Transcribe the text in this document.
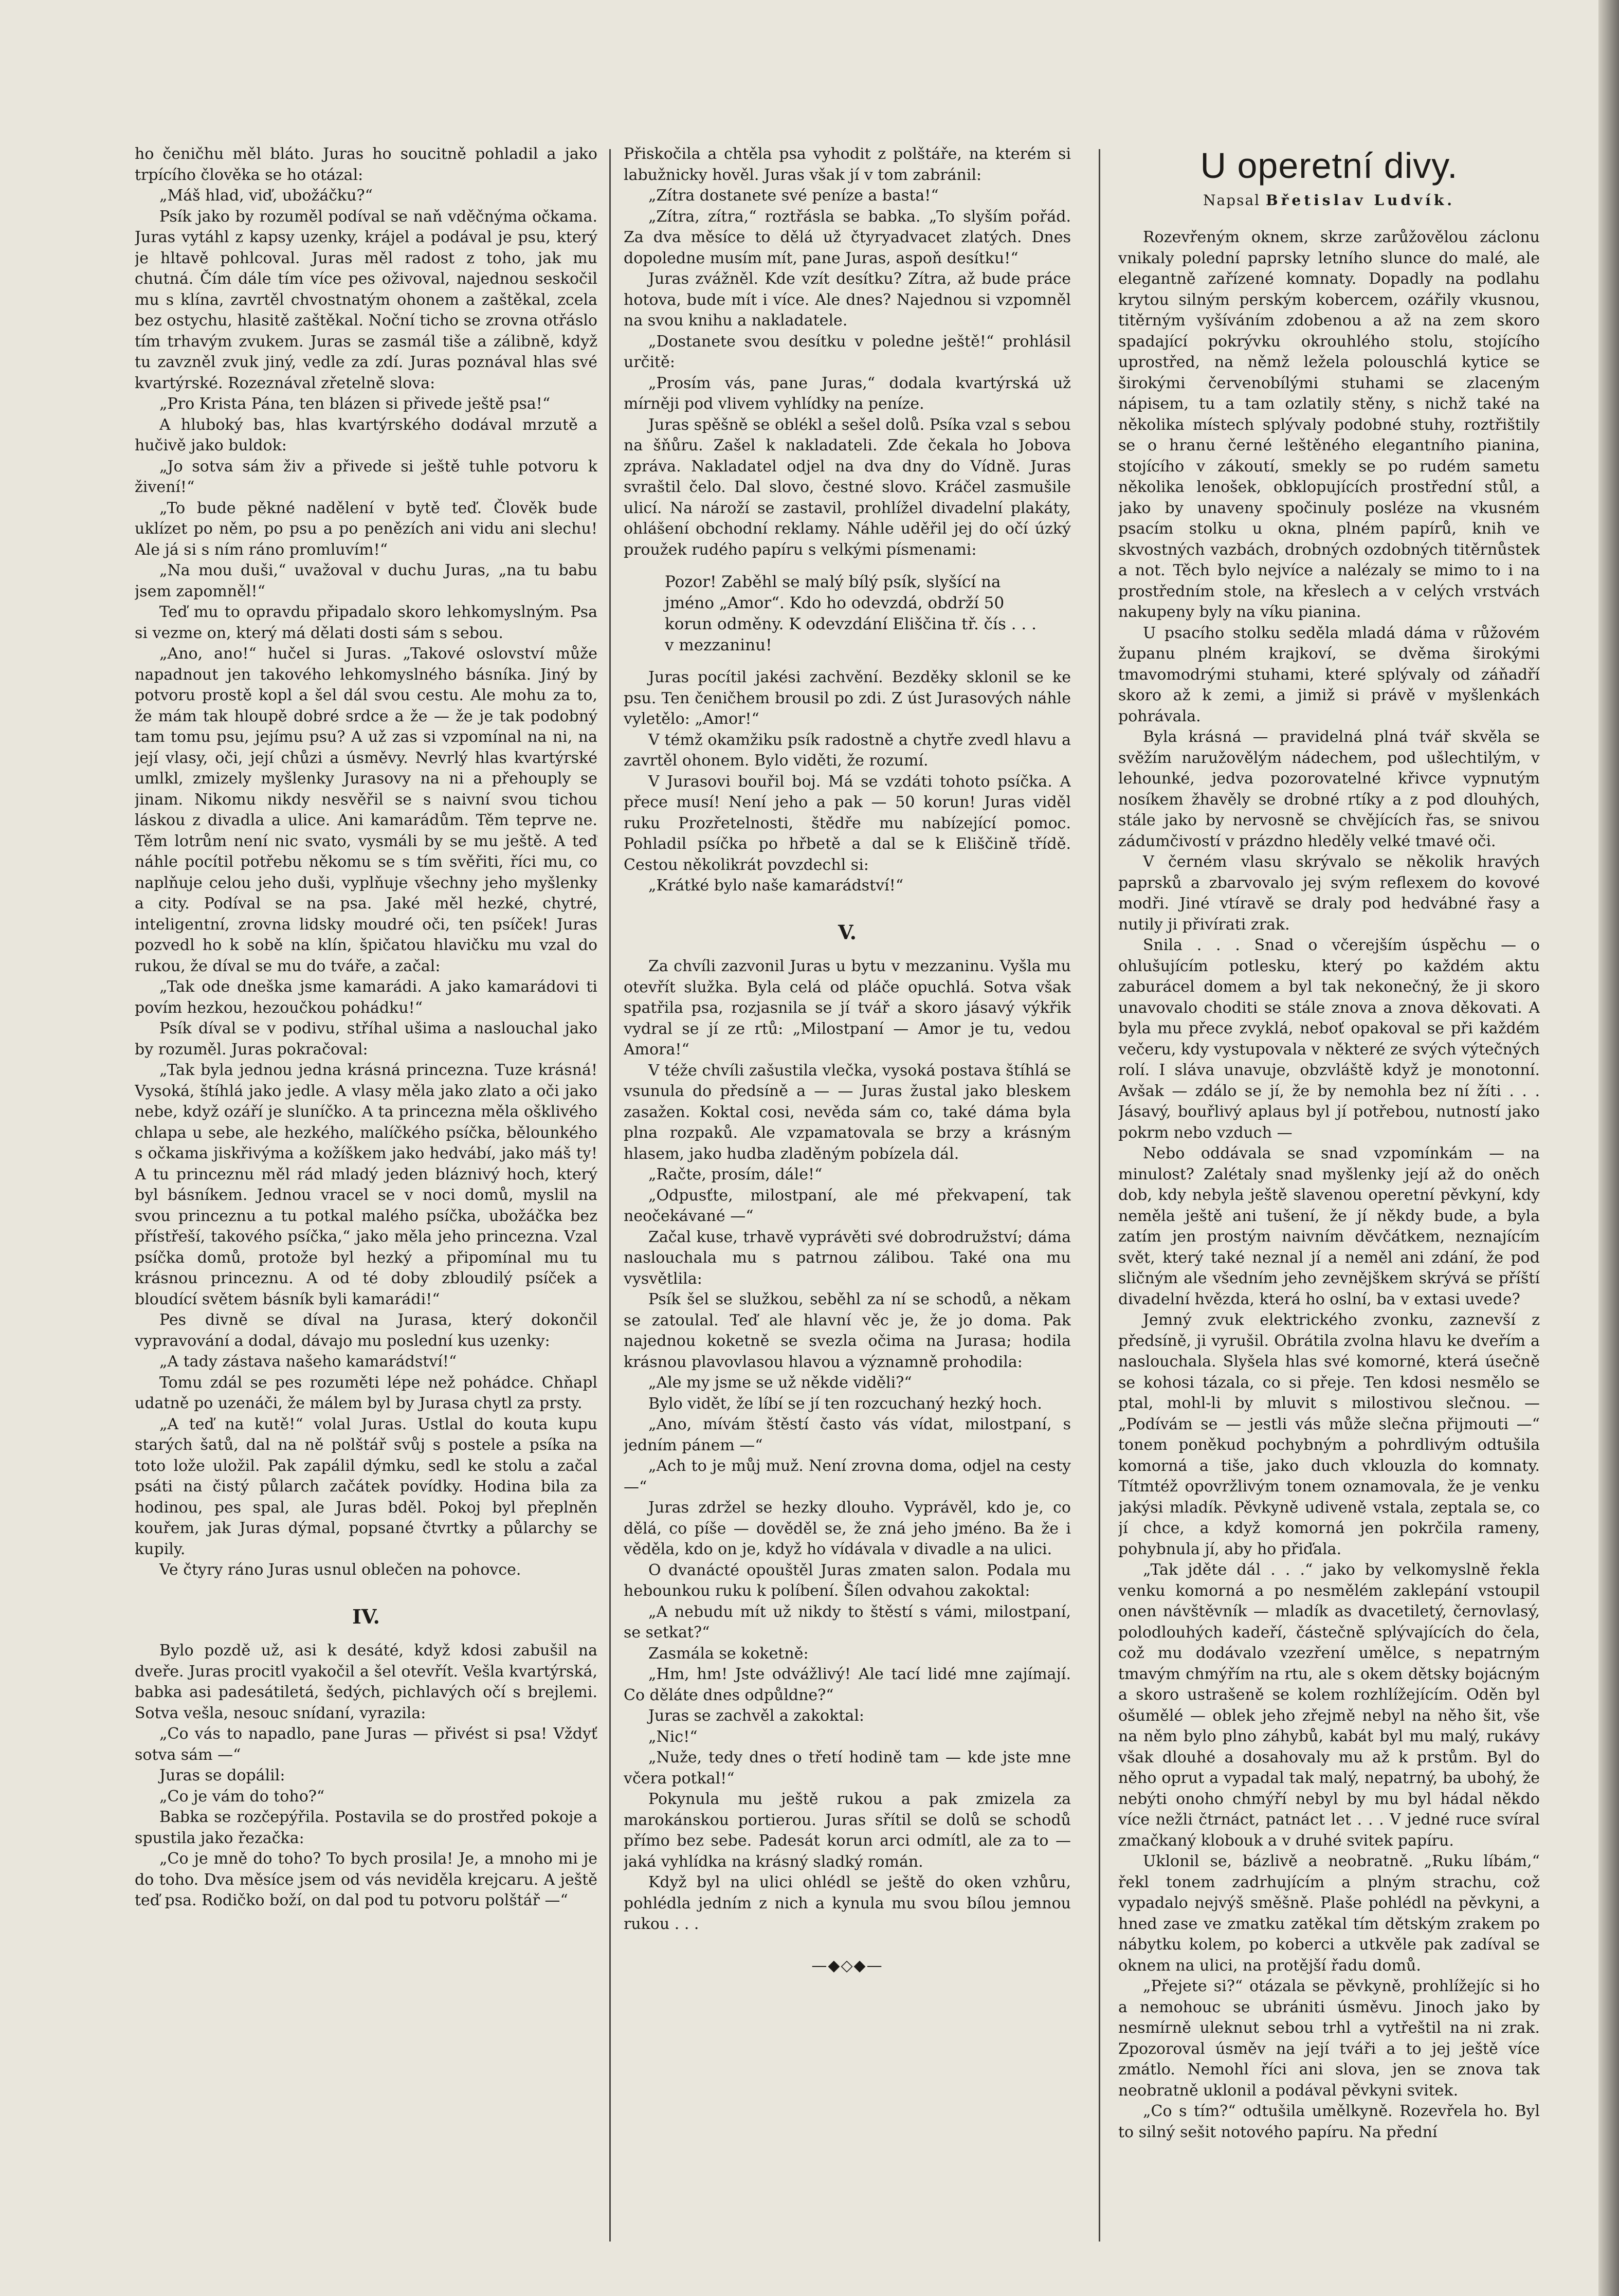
ho čeničhu měl bláto. Juras ho soucitně pohladil a jako trpícího člověka se ho otázal:

„Máš hlad, viď, ubožáčku?“

Psík jako by rozuměl podíval se naň vděčnýma očkama. Juras vytáhl z kapsy uzenky, krájel a podával je psu, který je hltavě pohlcoval. Juras měl radost z toho, jak mu chutná. Čím dále tím více pes oživoval, najednou seskočil mu s klína, zavrtěl chvostnatým ohonem a zaštěkal, zcela bez ostychu, hlasitě zaštěkal. Noční ticho se zrovna otřáslo tím trhavým zvukem. Juras se zasmál tiše a zálibně, když tu zavzněl zvuk jiný, vedle za zdí. Juras poznával hlas své kvartýrské. Rozeznával zřetelně slova:

„Pro Krista Pána, ten blázen si přivede ještě psa!“

A hluboký bas, hlas kvartýrského dodával mrzutě a hučivě jako buldok:

„Jo sotva sám živ a přivede si ještě tuhle potvoru k živení!“

„To bude pěkné nadělení v bytě teď. Člověk bude uklízet po něm, po psu a po penězích ani vidu ani slechu! Ale já si s ním ráno promluvím!“

„Na mou duši,“ uvažoval v duchu Juras, „na tu babu jsem zapomněl!“

Teď mu to opravdu připadalo skoro lehkomyslným. Psa si vezme on, který má dělati dosti sám s sebou.

„Ano, ano!“ hučel si Juras. „Takové oslovství může napadnout jen takového lehkomyslného básníka. Jiný by potvoru prostě kopl a šel dál svou cestu. Ale mohu za to, že mám tak hloupě dobré srdce a že — že je tak podobný tam tomu psu, jejímu psu? A už zas si vzpomínal na ni, na její vlasy, oči, její chůzi a úsměvy. Nevrlý hlas kvartýrské umlkl, zmizely myšlenky Jurasovy na ni a přehouply se jinam. Nikomu nikdy nesvěřil se s naivní svou tichou láskou z divadla a ulice. Ani kamarádům. Těm teprve ne. Těm lotrům není nic svato, vysmáli by se mu ještě. A teď náhle pocítil potřebu někomu se s tím svěřiti, říci mu, co naplňuje celou jeho duši, vyplňuje všechny jeho myšlenky a city. Podíval se na psa. Jaké měl hezké, chytré, inteligentní, zrovna lidsky moudré oči, ten psíček! Juras pozvedl ho k sobě na klín, špičatou hlavičku mu vzal do rukou, že díval se mu do tváře, a začal:

„Tak ode dneška jsme kamarádi. A jako kamarádovi ti povím hezkou, hezoučkou pohádku!“

Psík díval se v podivu, stříhal ušima a naslouchal jako by rozuměl. Juras pokračoval:

„Tak byla jednou jedna krásná princezna. Tuze krásná! Vysoká, štíhlá jako jedle. A vlasy měla jako zlato a oči jako nebe, když ozáří je sluníčko. A ta princezna měla ošklivého chlapa u sebe, ale hezkého, malíčkého psíčka, bělounkého s očkama jiskřivýma a kožíškem jako hedvábí, jako máš ty! A tu princeznu měl rád mladý jeden bláznivý hoch, který byl básníkem. Jednou vracel se v noci domů, myslil na svou princeznu a tu potkal malého psíčka, ubožáčka bez přístřeší, takového psíčka,“ jako měla jeho princezna. Vzal psíčka domů, protože byl hezký a připomínal mu tu krásnou princeznu. A od té doby zbloudilý psíček a bloudící světem básník byli kamarádi!“

Pes divně se díval na Jurasa, který dokončil vypravování a dodal, dávajo mu poslední kus uzenky:

„A tady zástava našeho kamarádství!“

Tomu zdál se pes rozuměti lépe než pohádce. Chňapl udatně po uzenáči, že málem byl by Jurasa chytl za prsty.

„A teď na kutě!“ volal Juras. Ustlal do kouta kupu starých šatů, dal na ně polštář svůj s postele a psíka na toto lože uložil. Pak zapálil dýmku, sedl ke stolu a začal psáti na čistý půlarch začátek povídky. Hodina bila za hodinou, pes spal, ale Juras bděl. Pokoj byl přeplněn kouřem, jak Juras dýmal, popsané čtvrtky a půlarchy se kupily.

Ve čtyry ráno Juras usnul oblečen na pohovce.

IV.

Bylo pozdě už, asi k desáté, když kdosi zabušil na dveře. Juras procitl vyakočil a šel otevřít. Vešla kvartýrská, babka asi padesátiletá, šedých, pichlavých očí s brejlemi. Sotva vešla, nesouc snídaní, vyrazila:

„Co vás to napadlo, pane Juras — přivést si psa! Vždyť sotva sám —“

Juras se dopálil:

„Co je vám do toho?“

Babka se rozčepýřila. Postavila se do prostřed pokoje a spustila jako řezačka:

„Co je mně do toho? To bych prosila! Je, a mnoho mi je do toho. Dva měsíce jsem od vás neviděla krejcaru. A ještě teď psa. Rodičko boží, on dal pod tu potvoru polštář —“

Přiskočila a chtěla psa vyhodit z polštáře, na kterém si labužnicky hověl. Juras však jí v tom zabránil:

„Zítra dostanete své peníze a basta!“

„Zítra, zítra,“ roztřásla se babka. „To slyším pořád. Za dva měsíce to dělá už čtyryadvacet zlatých. Dnes dopoledne musím mít, pane Juras, aspoň desítku!“

Juras zvážněl. Kde vzít desítku? Zítra, až bude práce hotova, bude mít i více. Ale dnes? Najednou si vzpomněl na svou knihu a nakladatele.

„Dostanete svou desítku v poledne ještě!“ prohlásil určitě:

„Prosím vás, pane Juras,“ dodala kvartýrská už mírněji pod vlivem vyhlídky na peníze.

Juras spěšně se oblékl a sešel dolů. Psíka vzal s sebou na šňůru. Zašel k nakladateli. Zde čekala ho Jobova zpráva. Nakladatel odjel na dva dny do Vídně. Juras svraštil čelo. Dal slovo, čestné slovo. Kráčel zasmušile ulicí. Na nároží se zastavil, prohlížel divadelní plakáty, ohlášení obchodní reklamy. Náhle uděřil jej do očí úzký proužek rudého papíru s velkými písmenami:

Pozor! Zaběhl se malý bílý psík, slyšící na jméno „Amor“. Kdo ho odevzdá, obdrží 50 korun odměny. K odevzdání Eliščina tř. čís . . . v mezzaninu!

Juras pocítil jakési zachvění. Bezděky sklonil se ke psu. Ten čeničhem brousil po zdi. Z úst Jurasových náhle vyletělo: „Amor!“

V témž okamžiku psík radostně a chytře zvedl hlavu a zavrtěl ohonem. Bylo viděti, že rozumí.

V Jurasovi bouřil boj. Má se vzdáti tohoto psíčka. A přece musí! Není jeho a pak — 50 korun! Juras viděl ruku Prozřetelnosti, štědře mu nabízející pomoc. Pohladil psíčka po hřbetě a dal se k Eliščině třídě. Cestou několikrát povzdechl si:

„Krátké bylo naše kamarádství!“

V.

Za chvíli zazvonil Juras u bytu v mezzaninu. Vyšla mu otevřít služka. Byla celá od pláče opuchlá. Sotva však spatřila psa, rozjasnila se jí tvář a skoro jásavý výkřik vydral se jí ze rtů: „Milostpaní — Amor je tu, vedou Amora!“

V téže chvíli zašustila vlečka, vysoká postava štíhlá se vsunula do předsíně a — — Juras žustal jako bleskem zasažen. Koktal cosi, nevěda sám co, také dáma byla plna rozpaků. Ale vzpamatovala se brzy a krásným hlasem, jako hudba zladěným pobízela dál.

„Račte, prosím, dále!“

„Odpusťte, milostpaní, ale mé překvapení, tak neočekávané —“

Začal kuse, trhavě vyprávěti své dobrodružství; dáma naslouchala mu s patrnou zálibou. Také ona mu vysvětlila:

Psík šel se služkou, seběhl za ní se schodů, a někam se zatoulal. Teď ale hlavní věc je, že jo doma. Pak najednou koketně se svezla očima na Jurasa; hodila krásnou plavovlasou hlavou a významně prohodila:

„Ale my jsme se už někde viděli?“

Bylo vidět, že líbí se jí ten rozcuchaný hezký hoch.

„Ano, mívám štěstí často vás vídat, milostpaní, s jedním pánem —“

„Ach to je můj muž. Není zrovna doma, odjel na cesty —“

Juras zdržel se hezky dlouho. Vyprávěl, kdo je, co dělá, co píše — dověděl se, že zná jeho jméno. Ba že i věděla, kdo on je, když ho vídávala v divadle a na ulici.

O dvanácté opouštěl Juras zmaten salon. Podala mu hebounkou ruku k políbení. Šílen odvahou zakoktal:

„A nebudu mít už nikdy to štěstí s vámi, milostpaní, se setkat?“

Zasmála se koketně:

„Hm, hm! Jste odvážlivý! Ale tací lidé mne zajímají. Co děláte dnes odpůldne?“

Juras se zachvěl a zakoktal:

„Nic!“

„Nuže, tedy dnes o třetí hodině tam — kde jste mne včera potkal!“

Pokynula mu ještě rukou a pak zmizela za marokánskou portierou. Juras sřítil se dolů se schodů přímo bez sebe. Padesát korun arci odmítl, ale za to — jaká vyhlídka na krásný sladký román.

Když byl na ulici ohlédl se ještě do oken vzhůru, pohlédla jedním z nich a kynula mu svou bílou jemnou rukou . . .

—◆◇◆—
U operetní divy.
Napsal Břetislav Ludvík.

Rozevřeným oknem, skrze zarůžovělou záclonu vnikaly polední paprsky letního slunce do malé, ale elegantně zařízené komnaty. Dopadly na podlahu krytou silným perským kobercem, ozářily vkusnou, titěrným vyšíváním zdobenou a až na zem skoro spadající pokrývku okrouhlého stolu, stojícího uprostřed, na němž ležela polouschlá kytice se širokými červenobílými stuhami se zlaceným nápisem, tu a tam ozlatily stěny, s nichž také na několika místech splývaly podobné stuhy, roztřištily se o hranu černé leštěného elegantního pianina, stojícího v zákoutí, smekly se po rudém sametu několika lenošek, obklopujících prostřední stůl, a jako by unaveny spočinuly posléze na vkusném psacím stolku u okna, plném papírů, knih ve skvostných vazbách, drobných ozdobných titěrnůstek a not. Těch bylo nejvíce a nalézaly se mimo to i na prostředním stole, na křeslech a v celých vrstvách nakupeny byly na víku pianina.

U psacího stolku seděla mladá dáma v růžovém županu plném krajkoví, se dvěma širokými tmavomodrými stuhami, které splývaly od záňadří skoro až k zemi, a jimiž si právě v myšlenkách pohrávala.

Byla krásná — pravidelná plná tvář skvěla se svěžím naružovělým nádechem, pod ušlechtilým, v lehounké, jedva pozorovatelné křivce vypnutým nosíkem žhavěly se drobné rtíky a z pod dlouhých, stále jako by nervosně se chvějících řas, se snivou zádumčivostí v prázdno hleděly velké tmavé oči.

V černém vlasu skrývalo se několik hravých paprsků a zbarvovalo jej svým reflexem do kovové modři. Jiné vtíravě se draly pod hedvábné řasy a nutily ji přivírati zrak.

Snila . . . Snad o včerejším úspěchu — o ohlušujícím potlesku, který po každém aktu zaburácel domem a byl tak nekonečný, že ji skoro unavovalo choditi se stále znova a znova děkovati. A byla mu přece zvyklá, neboť opakoval se při každém večeru, kdy vystupovala v některé ze svých výtečných rolí. I sláva unavuje, obzvláště když je monotonní. Avšak — zdálo se jí, že by nemohla bez ní žíti . . . Jásavý, bouřlivý aplaus byl jí potřebou, nutností jako pokrm nebo vzduch —

Nebo oddávala se snad vzpomínkám — na minulost? Zalétaly snad myšlenky její až do oněch dob, kdy nebyla ještě slavenou operetní pěvkyní, kdy neměla ještě ani tušení, že jí někdy bude, a byla zatím jen prostým naivním děvčátkem, neznajícím svět, který také neznal jí a neměl ani zdání, že pod sličným ale všedním jeho zevnějškem skrývá se příští divadelní hvězda, která ho oslní, ba v extasi uvede?

Jemný zvuk elektrického zvonku, zaznevší z předsíně, ji vyrušil. Obrátila zvolna hlavu ke dveřím a naslouchala. Slyšela hlas své komorné, která úsečně se kohosi tázala, co si přeje. Ten kdosi nesmělo se ptal, mohl-li by mluvit s milostivou slečnou. — „Podívám se — jestli vás může slečna přijmouti —“ tonem poněkud pochybným a pohrdlivým odtušila komorná a tiše, jako duch vklouzla do komnaty. Títmtéž opovržlivým tonem oznamovala, že je venku jakýsi mladík. Pěvkyně udiveně vstala, zeptala se, co jí chce, a když komorná jen pokrčila rameny, pohybnula jí, aby ho přiďala.

„Tak jděte dál . . .“ jako by velkomyslně řekla venku komorná a po nesmělém zaklepání vstoupil onen návštěvník — mladík as dvacetiletý, černovlasý, polodlouhých kadeří, částečně splývajících do čela, což mu dodávalo vzezření umělce, s nepatrným tmavým chmýřím na rtu, ale s okem dětsky bojácným a skoro ustrašeně se kolem rozhlížejícím. Oděn byl ošumělé — oblek jeho zřejmě nebyl na něho šit, vše na něm bylo plno záhybů, kabát byl mu malý, rukávy však dlouhé a dosahovaly mu až k prstům. Byl do něho oprut a vypadal tak malý, nepatrný, ba ubohý, že nebýti onoho chmýří nebyl by mu byl hádal někdo více nežli čtrnáct, patnáct let . . . V jedné ruce svíral zmačkaný klobouk a v druhé svitek papíru.

Uklonil se, bázlivě a neobratně. „Ruku líbám,“ řekl tonem zadrhujícím a plným strachu, což vypadalo nejvýš směšně. Plaše pohlédl na pěvkyni, a hned zase ve zmatku zatěkal tím dětským zrakem po nábytku kolem, po koberci a utkvěle pak zadíval se oknem na ulici, na protější řadu domů.

„Přejete si?“ otázala se pěvkyně, prohlížejíc si ho a nemohouc se ubrániti úsměvu. Jinoch jako by nesmírně uleknut sebou trhl a vytřeštil na ni zrak. Zpozoroval úsměv na její tváři a to jej ještě více zmátlo. Nemohl říci ani slova, jen se znova tak neobratně uklonil a podával pěvkyni svitek.

„Co s tím?“ odtušila umělkyně. Rozevřela ho. Byl to silný sešit notového papíru. Na přední
